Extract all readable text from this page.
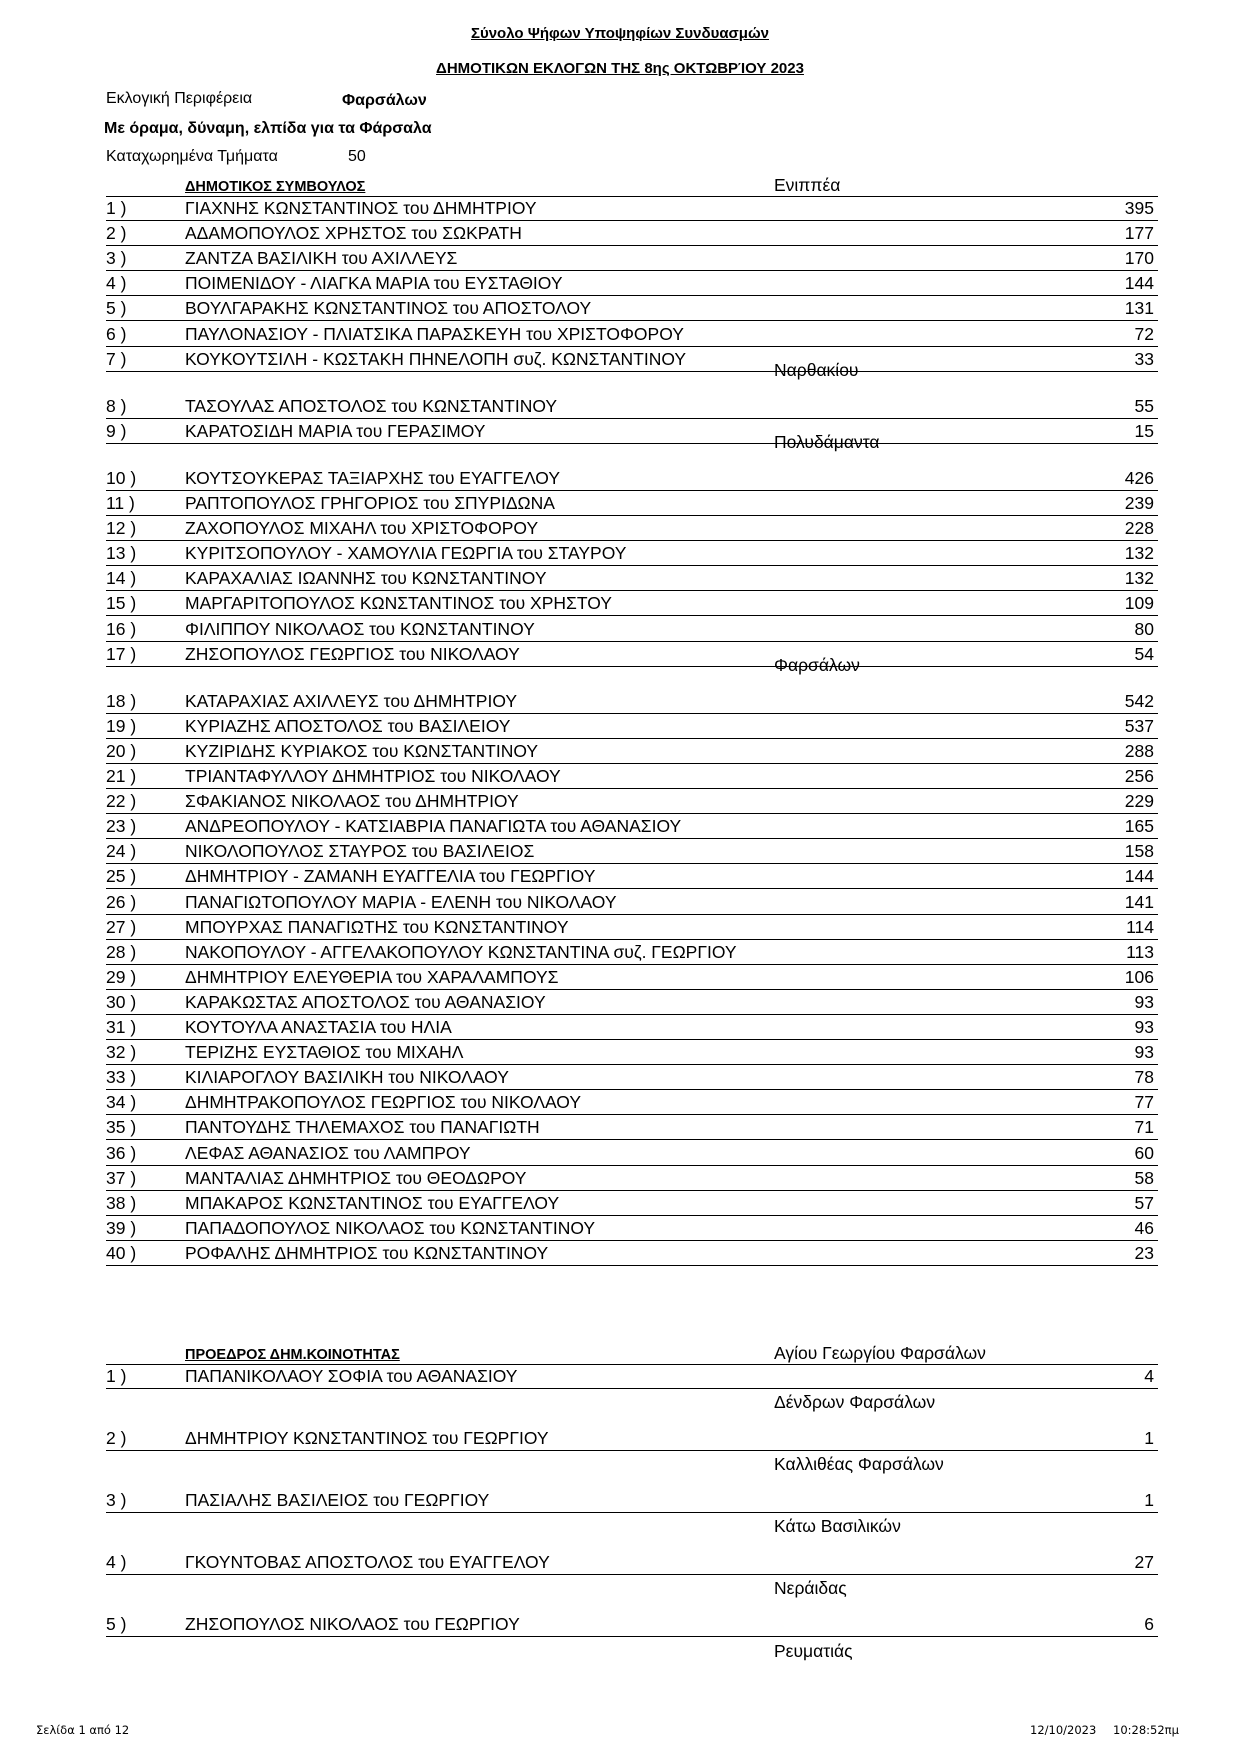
Σύνολο Ψήφων Υποψηφίων Συνδυασμών
ΔΗΜΟΤΙΚΩΝ ΕΚΛΟΓΩΝ ΤΗΣ 8ης ΟΚΤΩΒΡΊΟΥ 2023
Εκλογική Περιφέρεια	Φαρσάλων
Με όραμα, δύναμη, ελπίδα για τα Φάρσαλα
Καταχωρημένα Τμήματα	50
ΔΗΜΟΤΙΚΟΣ ΣΥΜΒΟΥΛΟΣ	Ενιππέα
1 )	ΓΙΑΧΝΗΣ ΚΩΝΣΤΑΝΤΙΝΟΣ του ΔΗΜΗΤΡΙΟΥ	395
2 )	ΑΔΑΜΟΠΟΥΛΟΣ ΧΡΗΣΤΟΣ του ΣΩΚΡΑΤΗ	177
3 )	ΖΑΝΤΖΑ ΒΑΣΙΛΙΚΗ του ΑΧΙΛΛΕΥΣ	170
4 )	ΠΟΙΜΕΝΙΔΟΥ - ΛΙΑΓΚΑ ΜΑΡΙΑ του ΕΥΣΤΑΘΙΟΥ	144
5 )	ΒΟΥΛΓΑΡΑΚΗΣ ΚΩΝΣΤΑΝΤΙΝΟΣ του ΑΠΟΣΤΟΛΟΥ	131
6 )	ΠΑΥΛΟΝΑΣΙΟΥ - ΠΛΙΑΤΣΙΚΑ ΠΑΡΑΣΚΕΥΗ του ΧΡΙΣΤΟΦΟΡΟΥ	72
7 )	ΚΟΥΚΟΥΤΣΙΛΗ - ΚΩΣΤΑΚΗ ΠΗΝΕΛΟΠΗ συζ. ΚΩΝΣΤΑΝΤΙΝΟΥ	33
Ναρθακίου
8 )	ΤΑΣΟΥΛΑΣ ΑΠΟΣΤΟΛΟΣ του ΚΩΝΣΤΑΝΤΙΝΟΥ	55
9 )	ΚΑΡΑΤΟΣΙΔΗ ΜΑΡΙΑ του ΓΕΡΑΣΙΜΟΥ	15
Πολυδάμαντα
10 )	ΚΟΥΤΣΟΥΚΕΡΑΣ ΤΑΞΙΑΡΧΗΣ του ΕΥΑΓΓΕΛΟΥ	426
11 )	ΡΑΠΤΟΠΟΥΛΟΣ ΓΡΗΓΟΡΙΟΣ του ΣΠΥΡΙΔΩΝΑ	239
12 )	ΖΑΧΟΠΟΥΛΟΣ ΜΙΧΑΗΛ του ΧΡΙΣΤΟΦΟΡΟΥ	228
13 )	ΚΥΡΙΤΣΟΠΟΥΛΟΥ - ΧΑΜΟΥΛΙΑ ΓΕΩΡΓΙΑ του ΣΤΑΥΡΟΥ	132
14 )	ΚΑΡΑΧΑΛΙΑΣ ΙΩΑΝΝΗΣ του ΚΩΝΣΤΑΝΤΙΝΟΥ	132
15 )	ΜΑΡΓΑΡΙΤΟΠΟΥΛΟΣ ΚΩΝΣΤΑΝΤΙΝΟΣ του ΧΡΗΣΤΟΥ	109
16 )	ΦΙΛΙΠΠΟΥ ΝΙΚΟΛΑΟΣ του ΚΩΝΣΤΑΝΤΙΝΟΥ	80
17 )	ΖΗΣΟΠΟΥΛΟΣ ΓΕΩΡΓΙΟΣ του ΝΙΚΟΛΑΟΥ	54
Φαρσάλων
18 )	ΚΑΤΑΡΑΧΙΑΣ ΑΧΙΛΛΕΥΣ του ΔΗΜΗΤΡΙΟΥ	542
19 )	ΚΥΡΙΑΖΗΣ ΑΠΟΣΤΟΛΟΣ του ΒΑΣΙΛΕΙΟΥ	537
20 )	ΚΥΖΙΡΙΔΗΣ ΚΥΡΙΑΚΟΣ του ΚΩΝΣΤΑΝΤΙΝΟΥ	288
21 )	ΤΡΙΑΝΤΑΦΥΛΛΟΥ ΔΗΜΗΤΡΙΟΣ του ΝΙΚΟΛΑΟΥ	256
22 )	ΣΦΑΚΙΑΝΟΣ ΝΙΚΟΛΑΟΣ του ΔΗΜΗΤΡΙΟΥ	229
23 )	ΑΝΔΡΕΟΠΟΥΛΟΥ - ΚΑΤΣΙΑΒΡΙΑ ΠΑΝΑΓΙΩΤΑ του ΑΘΑΝΑΣΙΟΥ	165
24 )	ΝΙΚΟΛΟΠΟΥΛΟΣ ΣΤΑΥΡΟΣ του ΒΑΣΙΛΕΙΟΣ	158
25 )	ΔΗΜΗΤΡΙΟΥ - ΖΑΜΑΝΗ ΕΥΑΓΓΕΛΙΑ του ΓΕΩΡΓΙΟΥ	144
26 )	ΠΑΝΑΓΙΩΤΟΠΟΥΛΟΥ ΜΑΡΙΑ - ΕΛΕΝΗ του ΝΙΚΟΛΑΟΥ	141
27 )	ΜΠΟΥΡΧΑΣ ΠΑΝΑΓΙΩΤΗΣ του ΚΩΝΣΤΑΝΤΙΝΟΥ	114
28 )	ΝΑΚΟΠΟΥΛΟΥ - ΑΓΓΕΛΑΚΟΠΟΥΛΟΥ ΚΩΝΣΤΑΝΤΙΝΑ συζ. ΓΕΩΡΓΙΟΥ	113
29 )	ΔΗΜΗΤΡΙΟΥ ΕΛΕΥΘΕΡΙΑ του ΧΑΡΑΛΑΜΠΟΥΣ	106
30 )	ΚΑΡΑΚΩΣΤΑΣ ΑΠΟΣΤΟΛΟΣ του ΑΘΑΝΑΣΙΟΥ	93
31 )	ΚΟΥΤΟΥΛΑ ΑΝΑΣΤΑΣΙΑ του ΗΛΙΑ	93
32 )	ΤΕΡΙΖΗΣ ΕΥΣΤΑΘΙΟΣ του ΜΙΧΑΗΛ	93
33 )	ΚΙΛΙΑΡΟΓΛΟΥ ΒΑΣΙΛΙΚΗ του ΝΙΚΟΛΑΟΥ	78
34 )	ΔΗΜΗΤΡΑΚΟΠΟΥΛΟΣ ΓΕΩΡΓΙΟΣ του ΝΙΚΟΛΑΟΥ	77
35 )	ΠΑΝΤΟΥΔΗΣ ΤΗΛΕΜΑΧΟΣ του ΠΑΝΑΓΙΩΤΗ	71
36 )	ΛΕΦΑΣ ΑΘΑΝΑΣΙΟΣ του ΛΑΜΠΡΟΥ	60
37 )	ΜΑΝΤΑΛΙΑΣ ΔΗΜΗΤΡΙΟΣ του ΘΕΟΔΩΡΟΥ	58
38 )	ΜΠΑΚΑΡΟΣ ΚΩΝΣΤΑΝΤΙΝΟΣ του ΕΥΑΓΓΕΛΟΥ	57
39 )	ΠΑΠΑΔΟΠΟΥΛΟΣ ΝΙΚΟΛΑΟΣ του ΚΩΝΣΤΑΝΤΙΝΟΥ	46
40 )	ΡΟΦΑΛΗΣ ΔΗΜΗΤΡΙΟΣ του ΚΩΝΣΤΑΝΤΙΝΟΥ	23
ΠΡΟΕΔΡΟΣ ΔΗΜ.ΚΟΙΝΟΤΗΤΑΣ	Αγίου Γεωργίου Φαρσάλων
1 )	ΠΑΠΑΝΙΚΟΛΑΟΥ ΣΟΦΙΑ του ΑΘΑΝΑΣΙΟΥ	4
Δένδρων Φαρσάλων
2 )	ΔΗΜΗΤΡΙΟΥ ΚΩΝΣΤΑΝΤΙΝΟΣ του ΓΕΩΡΓΙΟΥ	1
Καλλιθέας Φαρσάλων
3 )	ΠΑΣΙΑΛΗΣ ΒΑΣΙΛΕΙΟΣ του ΓΕΩΡΓΙΟΥ	1
Κάτω Βασιλικών
4 )	ΓΚΟΥΝΤΟΒΑΣ ΑΠΟΣΤΟΛΟΣ του ΕΥΑΓΓΕΛΟΥ	27
Νεράιδας
5 )	ΖΗΣΟΠΟΥΛΟΣ ΝΙΚΟΛΑΟΣ του ΓΕΩΡΓΙΟΥ	6
Ρευματιάς
Σελίδα 1 από 12	12/10/2023 10:28:52πμ
